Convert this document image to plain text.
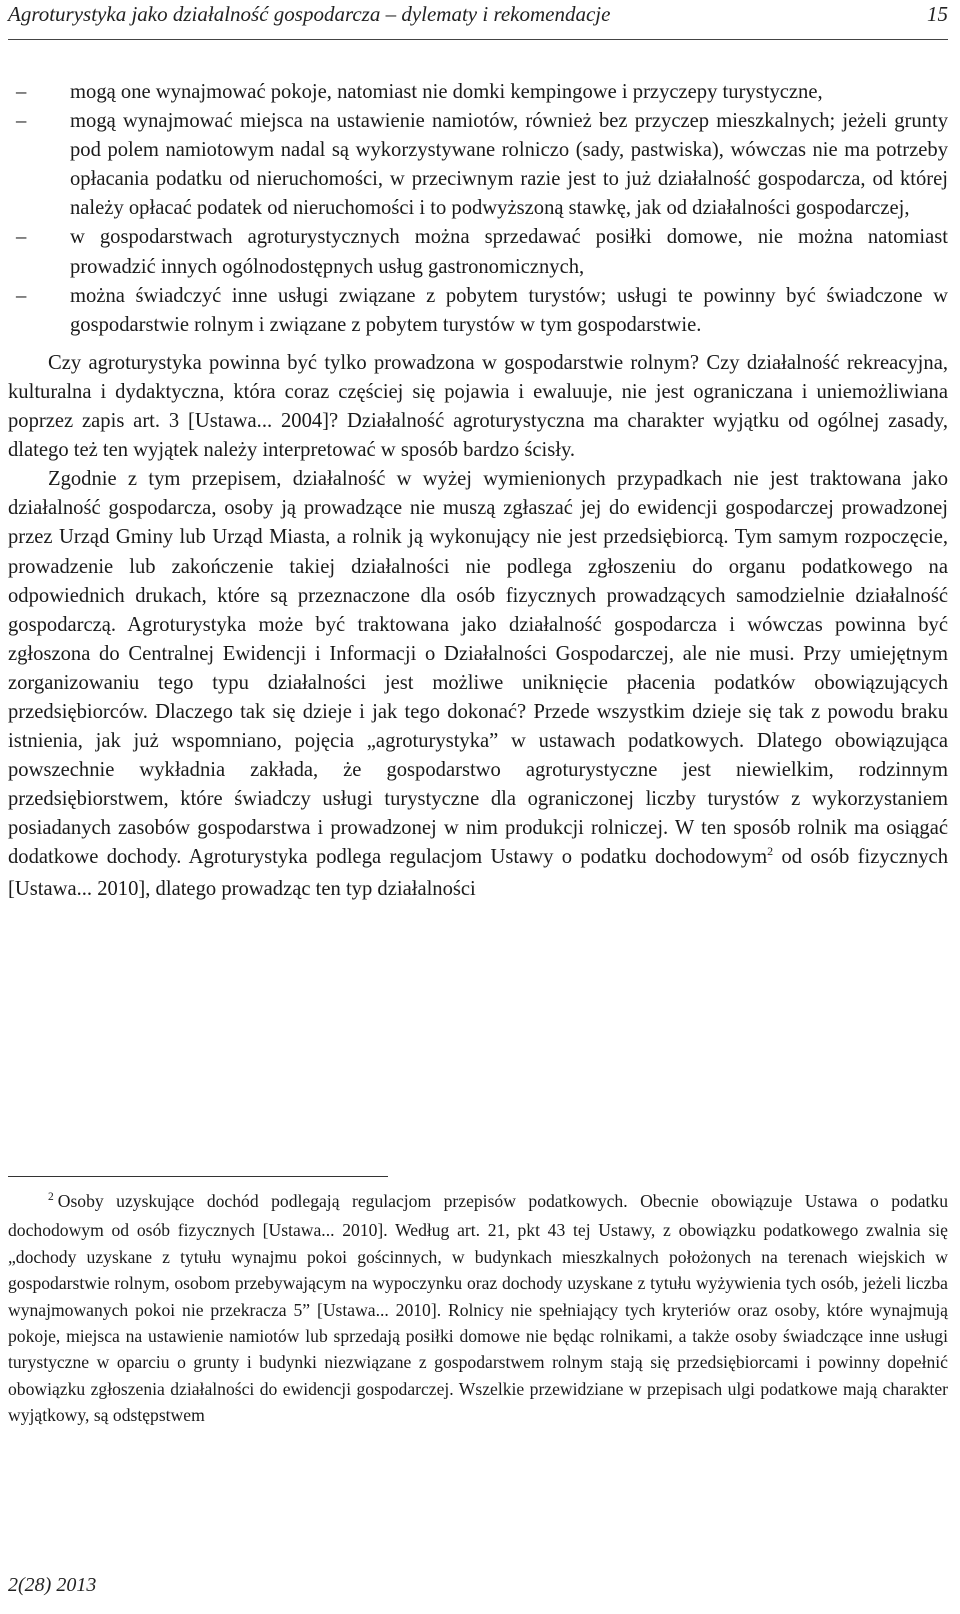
Agroturystyka jako działalność gospodarcza – dylematy i rekomendacje	15

– mogą one wynajmować pokoje, natomiast nie domki kempingowe i przyczepy turystyczne,

– mogą wynajmować miejsca na ustawienie namiotów, również bez przyczep mieszkalnych; jeżeli grunty pod polem namiotowym nadal są wykorzystywane rolniczo (sady, pastwiska), wówczas nie ma potrzeby opłacania podatku od nieruchomości, w przeciwnym razie jest to już działalność gospodarcza, od której należy opłacać podatek od nieruchomości i to podwyższoną stawkę, jak od działalności gospodarczej,

– w gospodarstwach agroturystycznych można sprzedawać posiłki domowe, nie można natomiast prowadzić innych ogólnodostępnych usług gastronomicznych,

– można świadczyć inne usługi związane z pobytem turystów; usługi te powinny być świadczone w gospodarstwie rolnym i związane z pobytem turystów w tym gospodarstwie.

Czy agroturystyka powinna być tylko prowadzona w gospodarstwie rolnym? Czy działalność rekreacyjna, kulturalna i dydaktyczna, która coraz częściej się pojawia i ewaluuje, nie jest ograniczana i uniemożliwiana poprzez zapis art. 3 [Ustawa... 2004]? Działalność agroturystyczna ma charakter wyjątku od ogólnej zasady, dlatego też ten wyjątek należy interpretować w sposób bardzo ścisły.

Zgodnie z tym przepisem, działalność w wyżej wymienionych przypadkach nie jest traktowana jako działalność gospodarcza, osoby ją prowadzące nie muszą zgłaszać jej do ewidencji gospodarczej prowadzonej przez Urząd Gminy lub Urząd Miasta, a rolnik ją wykonujący nie jest przedsiębiorcą. Tym samym rozpoczęcie, prowadzenie lub zakończenie takiej działalności nie podlega zgłoszeniu do organu podatkowego na odpowiednich drukach, które są przeznaczone dla osób fizycznych prowadzących samodzielnie działalność gospodarczą. Agroturystyka może być traktowana jako działalność gospodarcza i wówczas powinna być zgłoszona do Centralnej Ewidencji i Informacji o Działalności Gospodarczej, ale nie musi. Przy umiejętnym zorganizowaniu tego typu działalności jest możliwe uniknięcie płacenia podatków obowiązujących przedsiębiorców. Dlaczego tak się dzieje i jak tego dokonać? Przede wszystkim dzieje się tak z powodu braku istnienia, jak już wspomniano, pojęcia „agroturystyka” w ustawach podatkowych. Dlatego obowiązująca powszechnie wykładnia zakłada, że gospodarstwo agroturystyczne jest niewielkim, rodzinnym przedsiębiorstwem, które świadczy usługi turystyczne dla ograniczonej liczby turystów z wykorzystaniem posiadanych zasobów gospodarstwa i prowadzonej w nim produkcji rolniczej. W ten sposób rolnik ma osiągać dodatkowe dochody. Agroturystyka podlega regulacjom Ustawy o podatku dochodowym$^2$ od osób fizycznych [Ustawa... 2010], dlatego prowadząc ten typ działalności

$^2$ Osoby uzyskujące dochód podlegają regulacjom przepisów podatkowych. Obecnie obowiązuje Ustawa o podatku dochodowym od osób fizycznych [Ustawa... 2010]. Według art. 21, pkt 43 tej Ustawy, z obowiązku podatkowego zwalnia się „dochody uzyskane z tytułu wynajmu pokoi gościnnych, w budynkach mieszkalnych położonych na terenach wiejskich w gospodarstwie rolnym, osobom przebywającym na wypoczynku oraz dochody uzyskane z tytułu wyżywienia tych osób, jeżeli liczba wynajmowanych pokoi nie przekracza 5” [Ustawa... 2010]. Rolnicy nie spełniający tych kryteriów oraz osoby, które wynajmują pokoje, miejsca na ustawienie namiotów lub sprzedają posiłki domowe nie będąc rolnikami, a także osoby świadczące inne usługi turystyczne w oparciu o grunty i budynki niezwiązane z gospodarstwem rolnym stają się przedsiębiorcami i powinny dopełnić obowiązku zgłoszenia działalności do ewidencji gospodarczej. Wszelkie przewidziane w przepisach ulgi podatkowe mają charakter wyjątkowy, są odstępstwem

2(28) 2013
